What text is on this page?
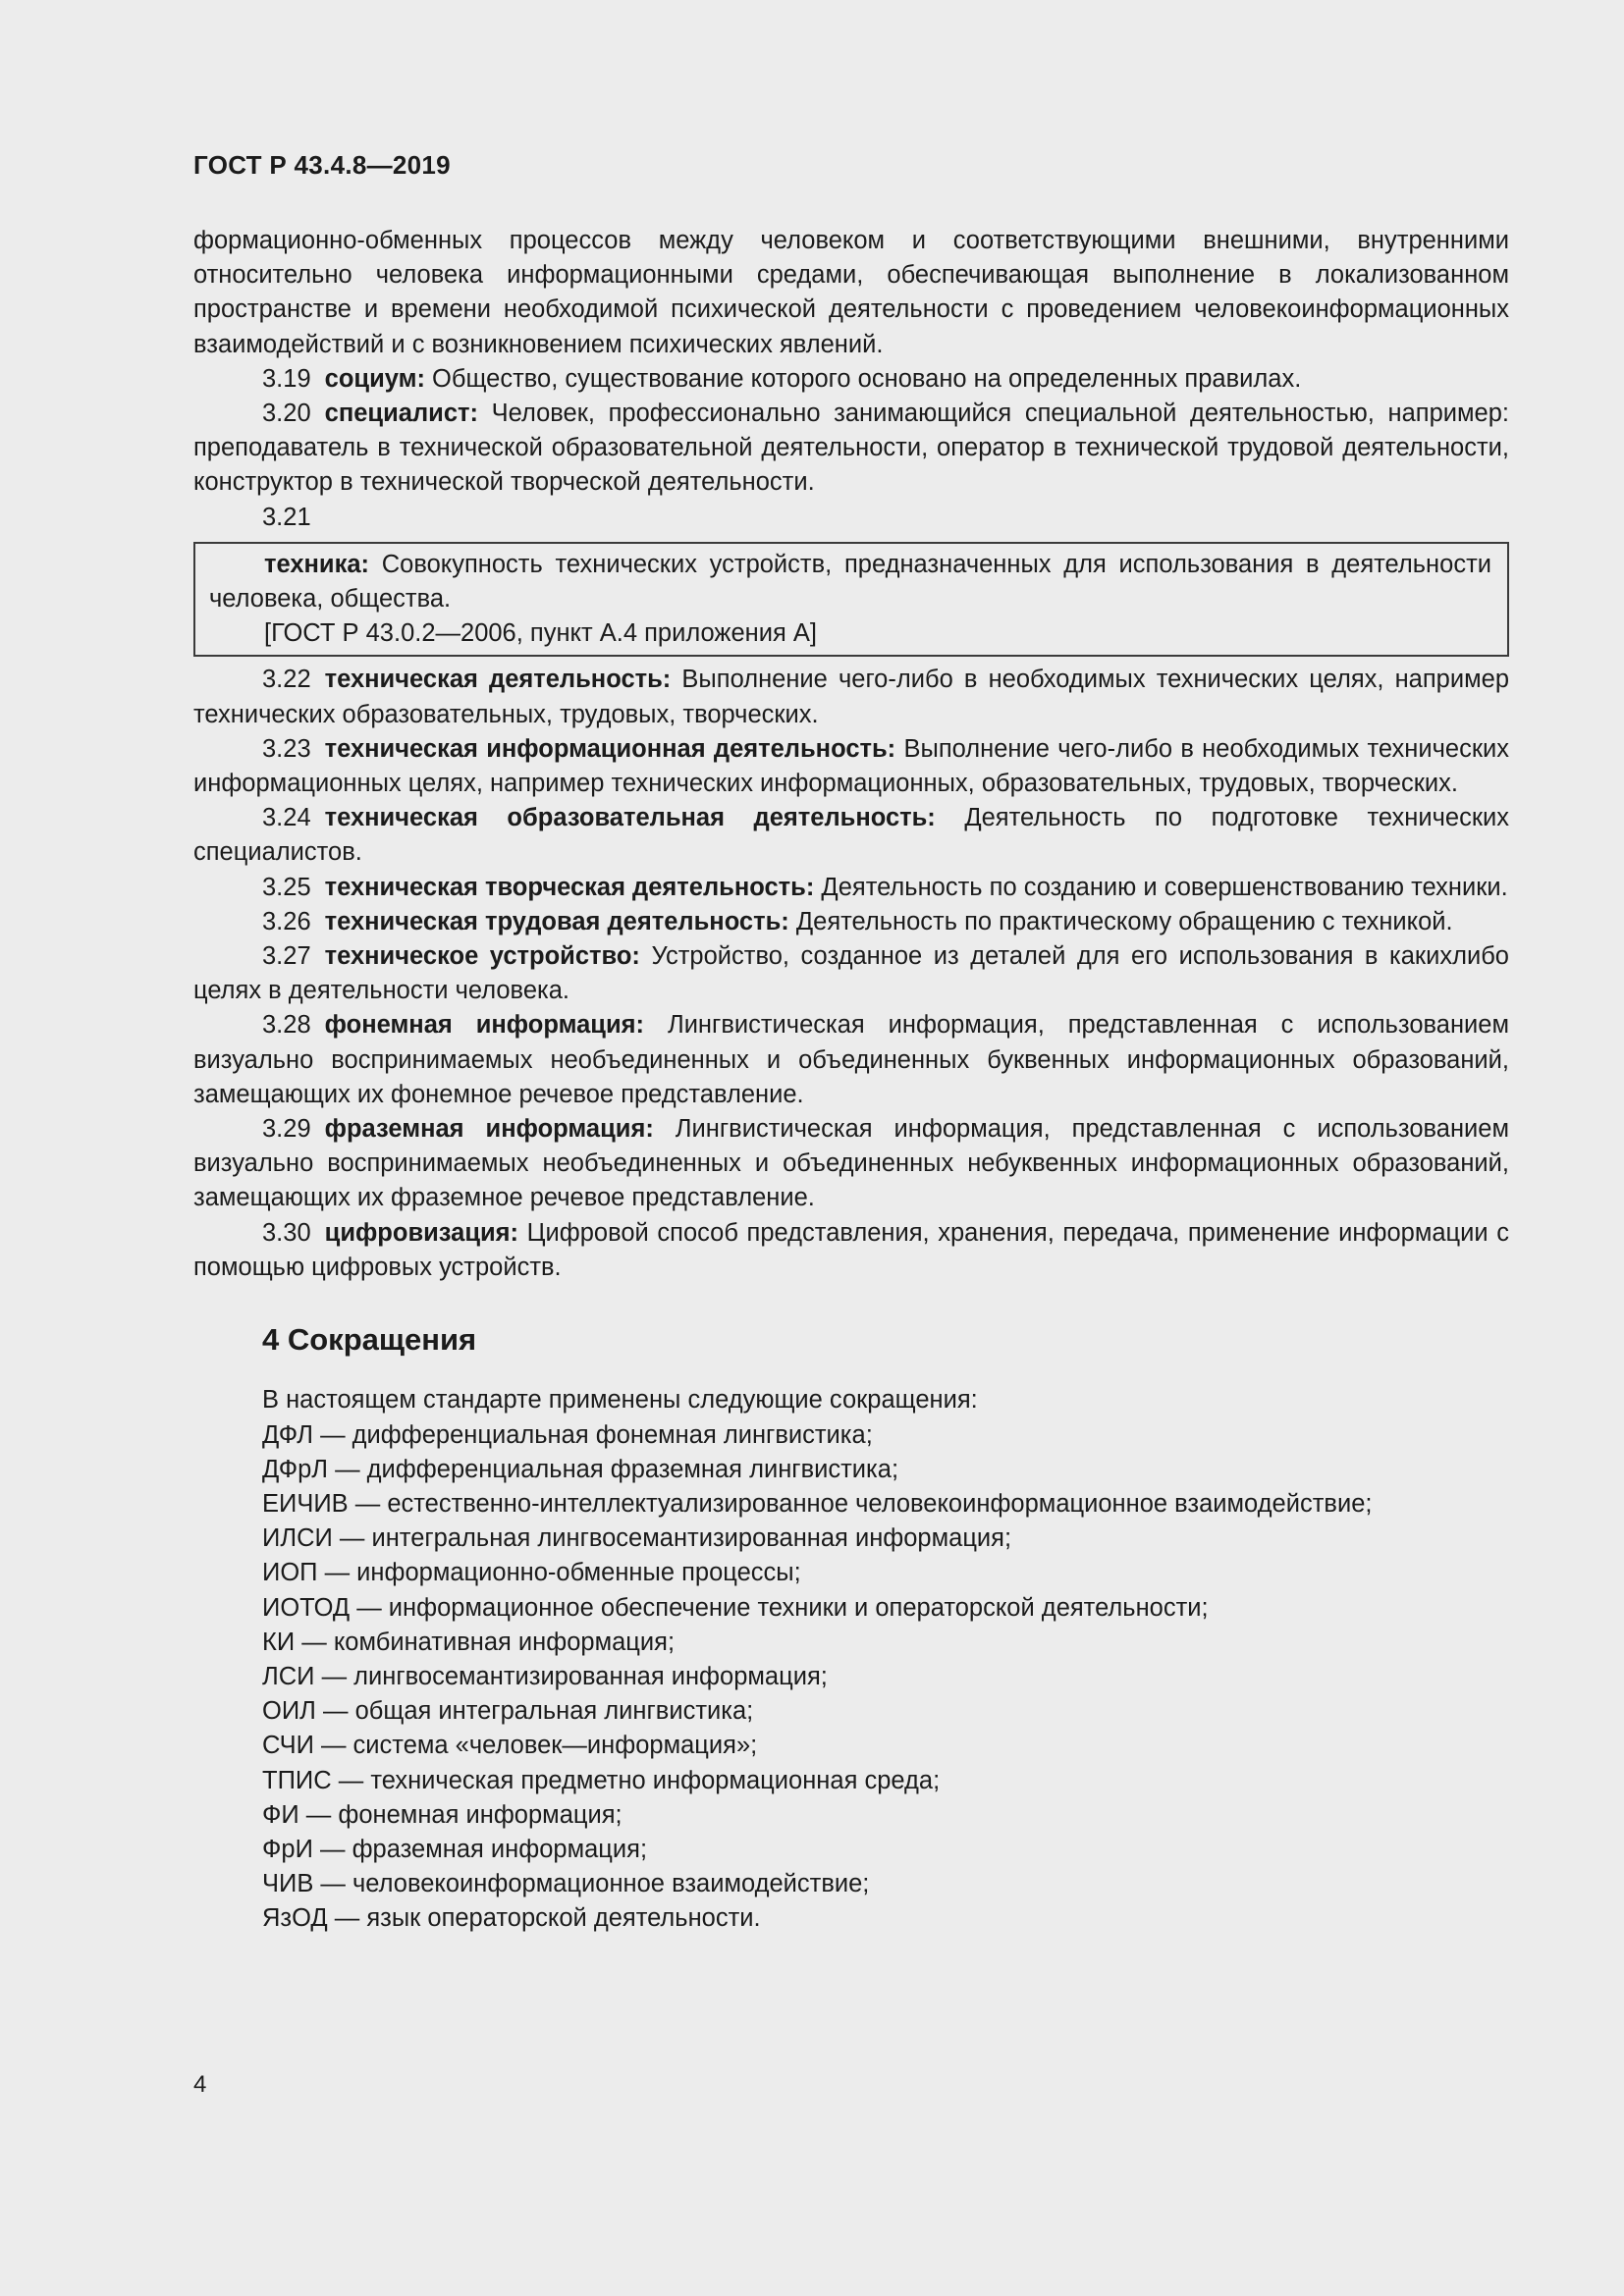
ГОСТ Р 43.4.8—2019

формационно-обменных процессов между человеком и соответствующими внешними, внутренними относительно человека информационными средами, обеспечивающая выполнение в локализованном пространстве и времени необходимой психической деятельности с проведением человекоинформационных взаимодействий и с возникновением психических явлений.

3.19 социум: Общество, существование которого основано на определенных правилах.

3.20 специалист: Человек, профессионально занимающийся специальной деятельностью, например: преподаватель в технической образовательной деятельности, оператор в технической трудовой деятельности, конструктор в технической творческой деятельности.

3.21

техника: Совокупность технических устройств, предназначенных для использования в деятельности человека, общества.

[ГОСТ Р 43.0.2—2006, пункт А.4 приложения А]

3.22 техническая деятельность: Выполнение чего-либо в необходимых технических целях, например технических образовательных, трудовых, творческих.

3.23 техническая информационная деятельность: Выполнение чего-либо в необходимых технических информационных целях, например технических информационных, образовательных, трудовых, творческих.

3.24 техническая образовательная деятельность: Деятельность по подготовке технических специалистов.

3.25 техническая творческая деятельность: Деятельность по созданию и совершенствованию техники.

3.26 техническая трудовая деятельность: Деятельность по практическому обращению с техникой.

3.27 техническое устройство: Устройство, созданное из деталей для его использования в какихлибо целях в деятельности человека.

3.28 фонемная информация: Лингвистическая информация, представленная с использованием визуально воспринимаемых необъединенных и объединенных буквенных информационных образований, замещающих их фонемное речевое представление.

3.29 фраземная информация: Лингвистическая информация, представленная с использованием визуально воспринимаемых необъединенных и объединенных небуквенных информационных образований, замещающих их фраземное речевое представление.

3.30 цифровизация: Цифровой способ представления, хранения, передача, применение информации с помощью цифровых устройств.

4 Сокращения

В настоящем стандарте применены следующие сокращения:

ДФЛ — дифференциальная фонемная лингвистика;

ДФрЛ — дифференциальная фраземная лингвистика;

ЕИЧИВ — естественно-интеллектуализированное человекоинформационное взаимодействие;

ИЛСИ — интегральная лингвосемантизированная информация;

ИОП — информационно-обменные процессы;

ИОТОД — информационное обеспечение техники и операторской деятельности;

КИ — комбинативная информация;

ЛСИ — лингвосемантизированная информация;

ОИЛ — общая интегральная лингвистика;

СЧИ — система «человек—информация»;

ТПИС — техническая предметно информационная среда;

ФИ — фонемная информация;

ФрИ — фраземная информация;

ЧИВ — человекоинформационное взаимодействие;

ЯзОД — язык операторской деятельности.

4
